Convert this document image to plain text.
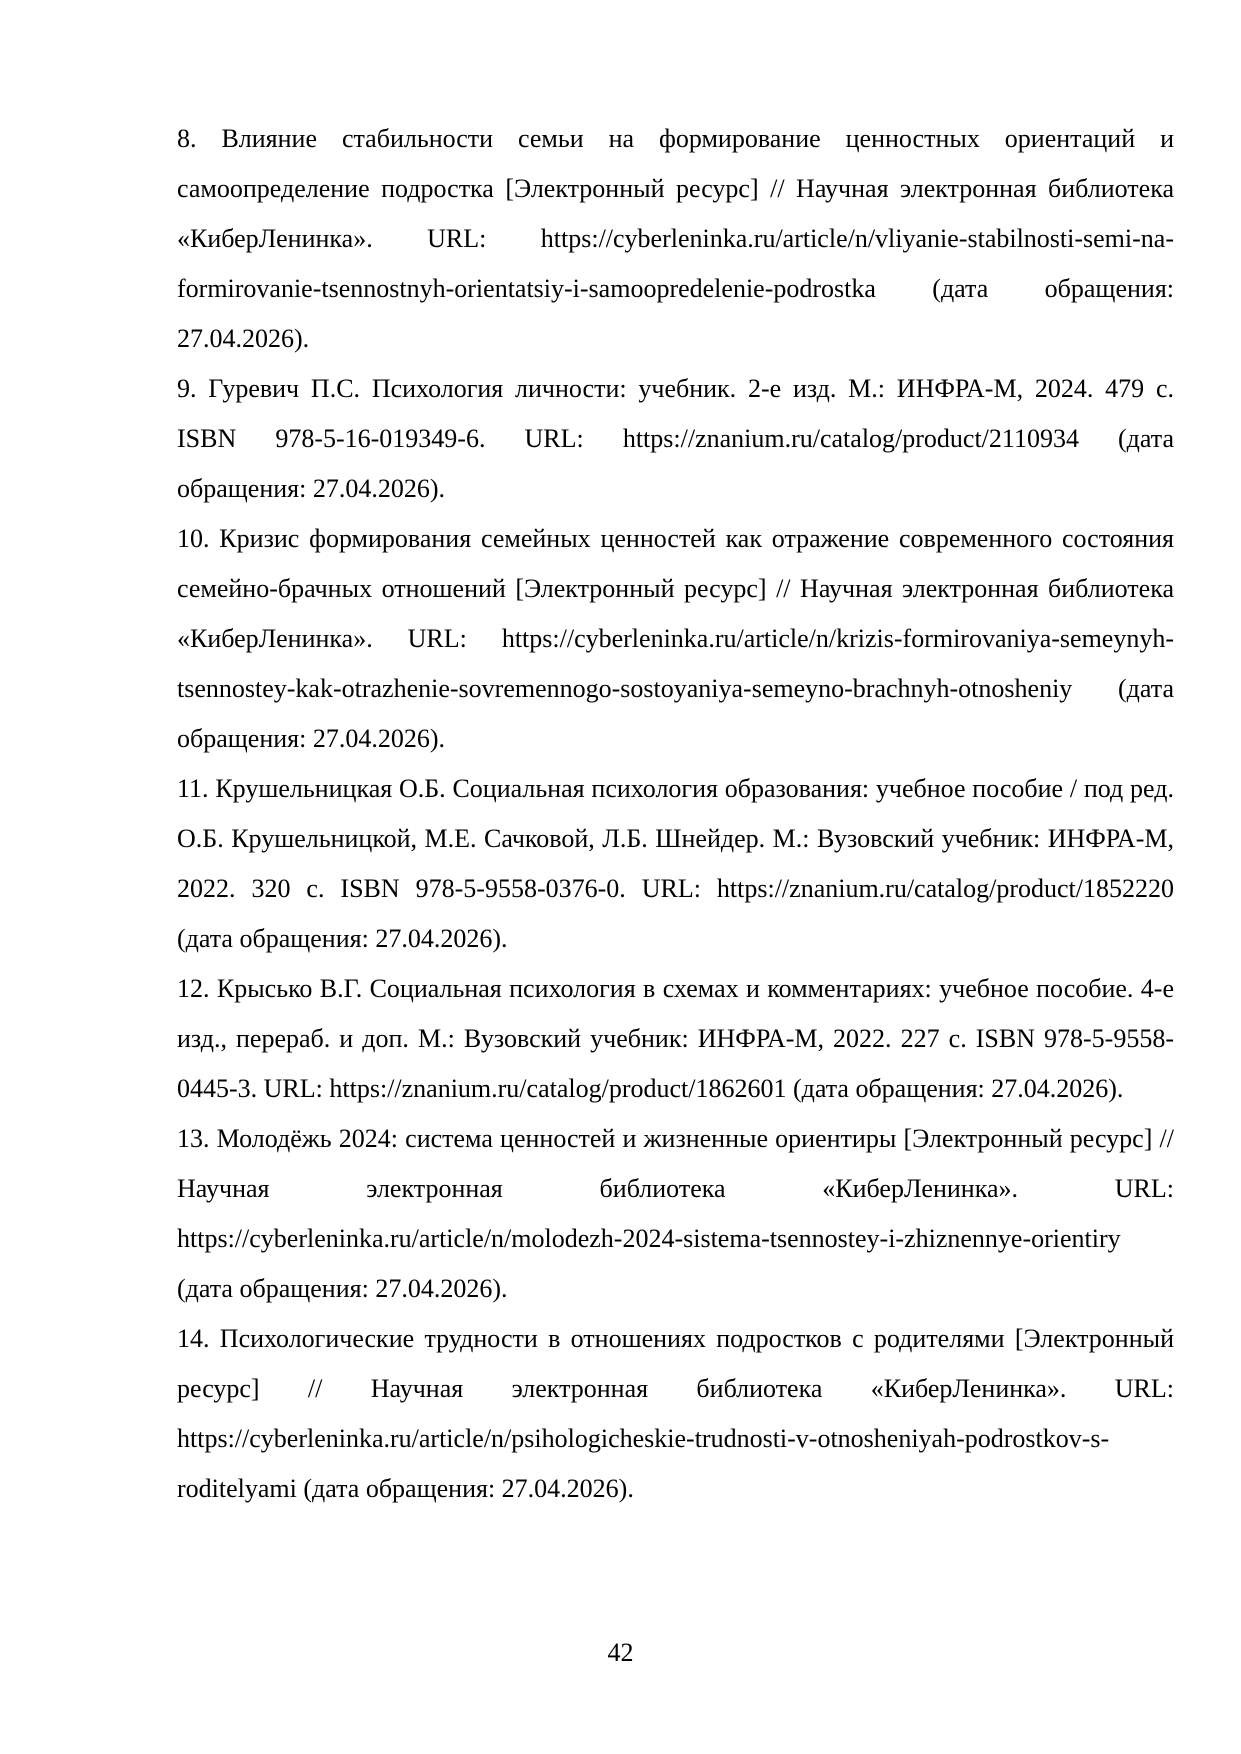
8. Влияние стабильности семьи на формирование ценностных ориентаций и самоопределение подростка [Электронный ресурс] // Научная электронная библиотека «КиберЛенинка». URL: https://cyberleninka.ru/article/n/vliyanie-stabilnosti-semi-na-formirovanie-tsennostnyh-orientatsiy-i-samoopredelenie-podrostka (дата обращения: 27.04.2026).

9. Гуревич П.С. Психология личности: учебник. 2-е изд. М.: ИНФРА-М, 2024. 479 с. ISBN 978-5-16-019349-6. URL: https://znanium.ru/catalog/product/2110934 (дата обращения: 27.04.2026).

10. Кризис формирования семейных ценностей как отражение современного состояния семейно-брачных отношений [Электронный ресурс] // Научная электронная библиотека «КиберЛенинка». URL: https://cyberleninka.ru/article/n/krizis-formirovaniya-semeynyh-tsennostey-kak-otrazhenie-sovremennogo-sostoyaniya-semeyno-brachnyh-otnosheniy (дата обращения: 27.04.2026).

11. Крушельницкая О.Б. Социальная психология образования: учебное пособие / под ред. О.Б. Крушельницкой, М.Е. Сачковой, Л.Б. Шнейдер. М.: Вузовский учебник: ИНФРА-М, 2022. 320 с. ISBN 978-5-9558-0376-0. URL: https://znanium.ru/catalog/product/1852220 (дата обращения: 27.04.2026).

12. Крысько В.Г. Социальная психология в схемах и комментариях: учебное пособие. 4-е изд., перераб. и доп. М.: Вузовский учебник: ИНФРА-М, 2022. 227 с. ISBN 978-5-9558-0445-3. URL: https://znanium.ru/catalog/product/1862601 (дата обращения: 27.04.2026).

13. Молодёжь 2024: система ценностей и жизненные ориентиры [Электронный ресурс] // Научная электронная библиотека «КиберЛенинка». URL: https://cyberleninka.ru/article/n/molodezh-2024-sistema-tsennostey-i-zhiznennye-orientiry (дата обращения: 27.04.2026).

14. Психологические трудности в отношениях подростков с родителями [Электронный ресурс] // Научная электронная библиотека «КиберЛенинка». URL: https://cyberleninka.ru/article/n/psihologicheskie-trudnosti-v-otnosheniyah-podrostkov-s-roditelyami (дата обращения: 27.04.2026).

42
